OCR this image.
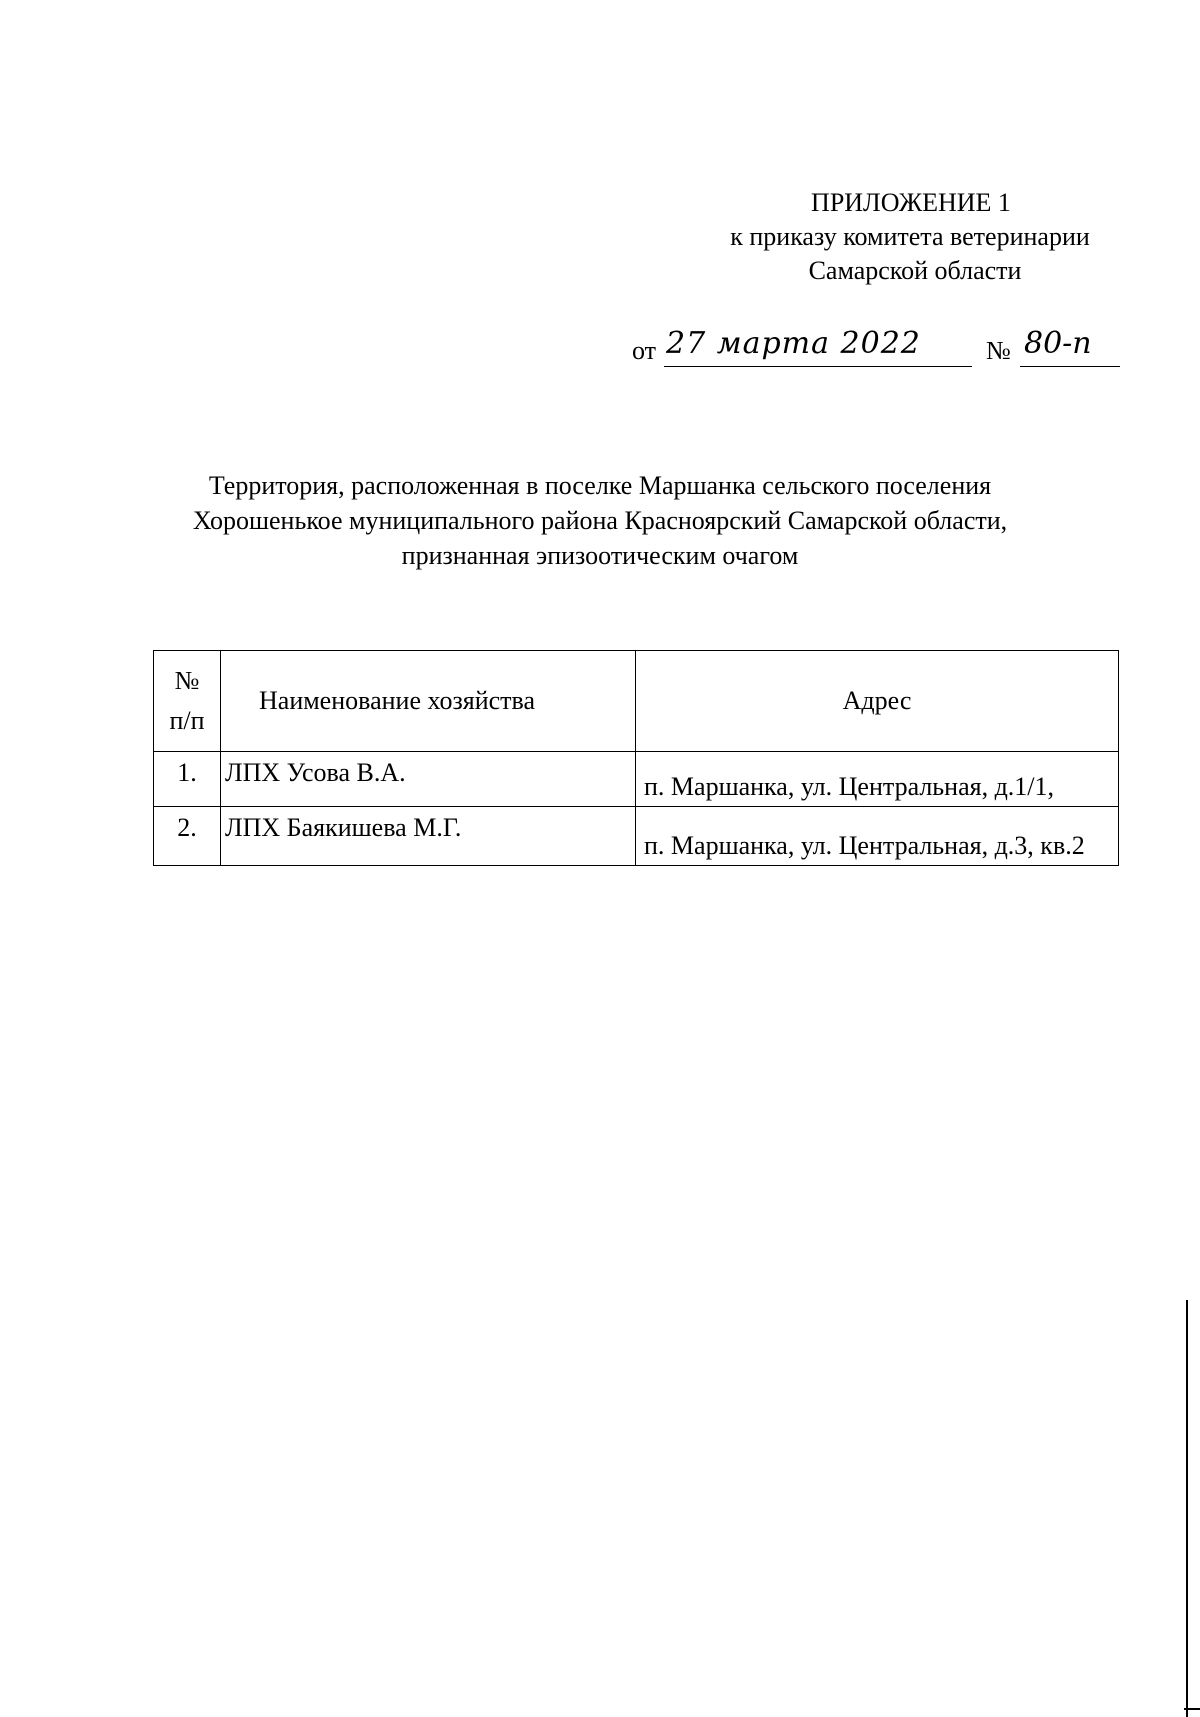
ПРИЛОЖЕНИЕ 1
к приказу комитета ветеринарии
Самарской области
от 27 марта 2022	№ 80-п
Территория, расположенная в поселке Маршанка сельского поселения
Хорошенькое муниципального района Красноярский Самарской области,
признанная эпизоотическим очагом
№
п/п	Наименование хозяйства	Адрес
1.	ЛПХ Усова В.А.	п. Маршанка, ул. Центральная, д.1/1,
2.	ЛПХ Баякишева М.Г.	п. Маршанка, ул. Центральная, д.3, кв.2
